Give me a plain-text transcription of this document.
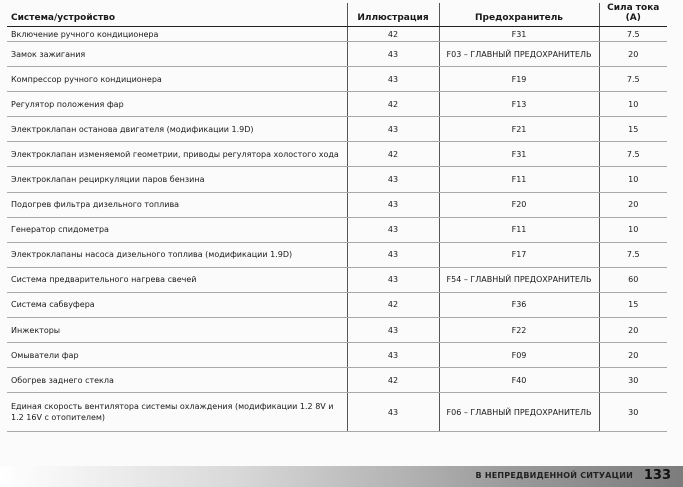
Система/устройство	Иллюстрация	Предохранитель	Сила тока (А)
Включение ручного кондиционера	42	F31	7.5
Замок зажигания	43	F03 – ГЛАВНЫЙ ПРЕДОХРАНИТЕЛЬ	20
Компрессор ручного кондиционера	43	F19	7.5
Регулятор положения фар	42	F13	10
Электроклапан останова двигателя (модификации 1.9D)	43	F21	15
Электроклапан изменяемой геометрии, приводы регулятора холостого хода	42	F31	7.5
Электроклапан рециркуляции паров бензина	43	F11	10
Подогрев фильтра дизельного топлива	43	F20	20
Генератор спидометра	43	F11	10
Электроклапаны насоса дизельного топлива (модификации 1.9D)	43	F17	7.5
Система предварительного нагрева свечей	43	F54 – ГЛАВНЫЙ ПРЕДОХРАНИТЕЛЬ	60
Система сабвуфера	42	F36	15
Инжекторы	43	F22	20
Омыватели фар	43	F09	20
Обогрев заднего стекла	42	F40	30
Единая скорость вентилятора системы охлаждения (модификации 1.2 8V и 1.2 16V с отопителем)	43	F06 – ГЛАВНЫЙ ПРЕДОХРАНИТЕЛЬ	30
В НЕПРЕДВИДЕННОЙ СИТУАЦИИ 133
